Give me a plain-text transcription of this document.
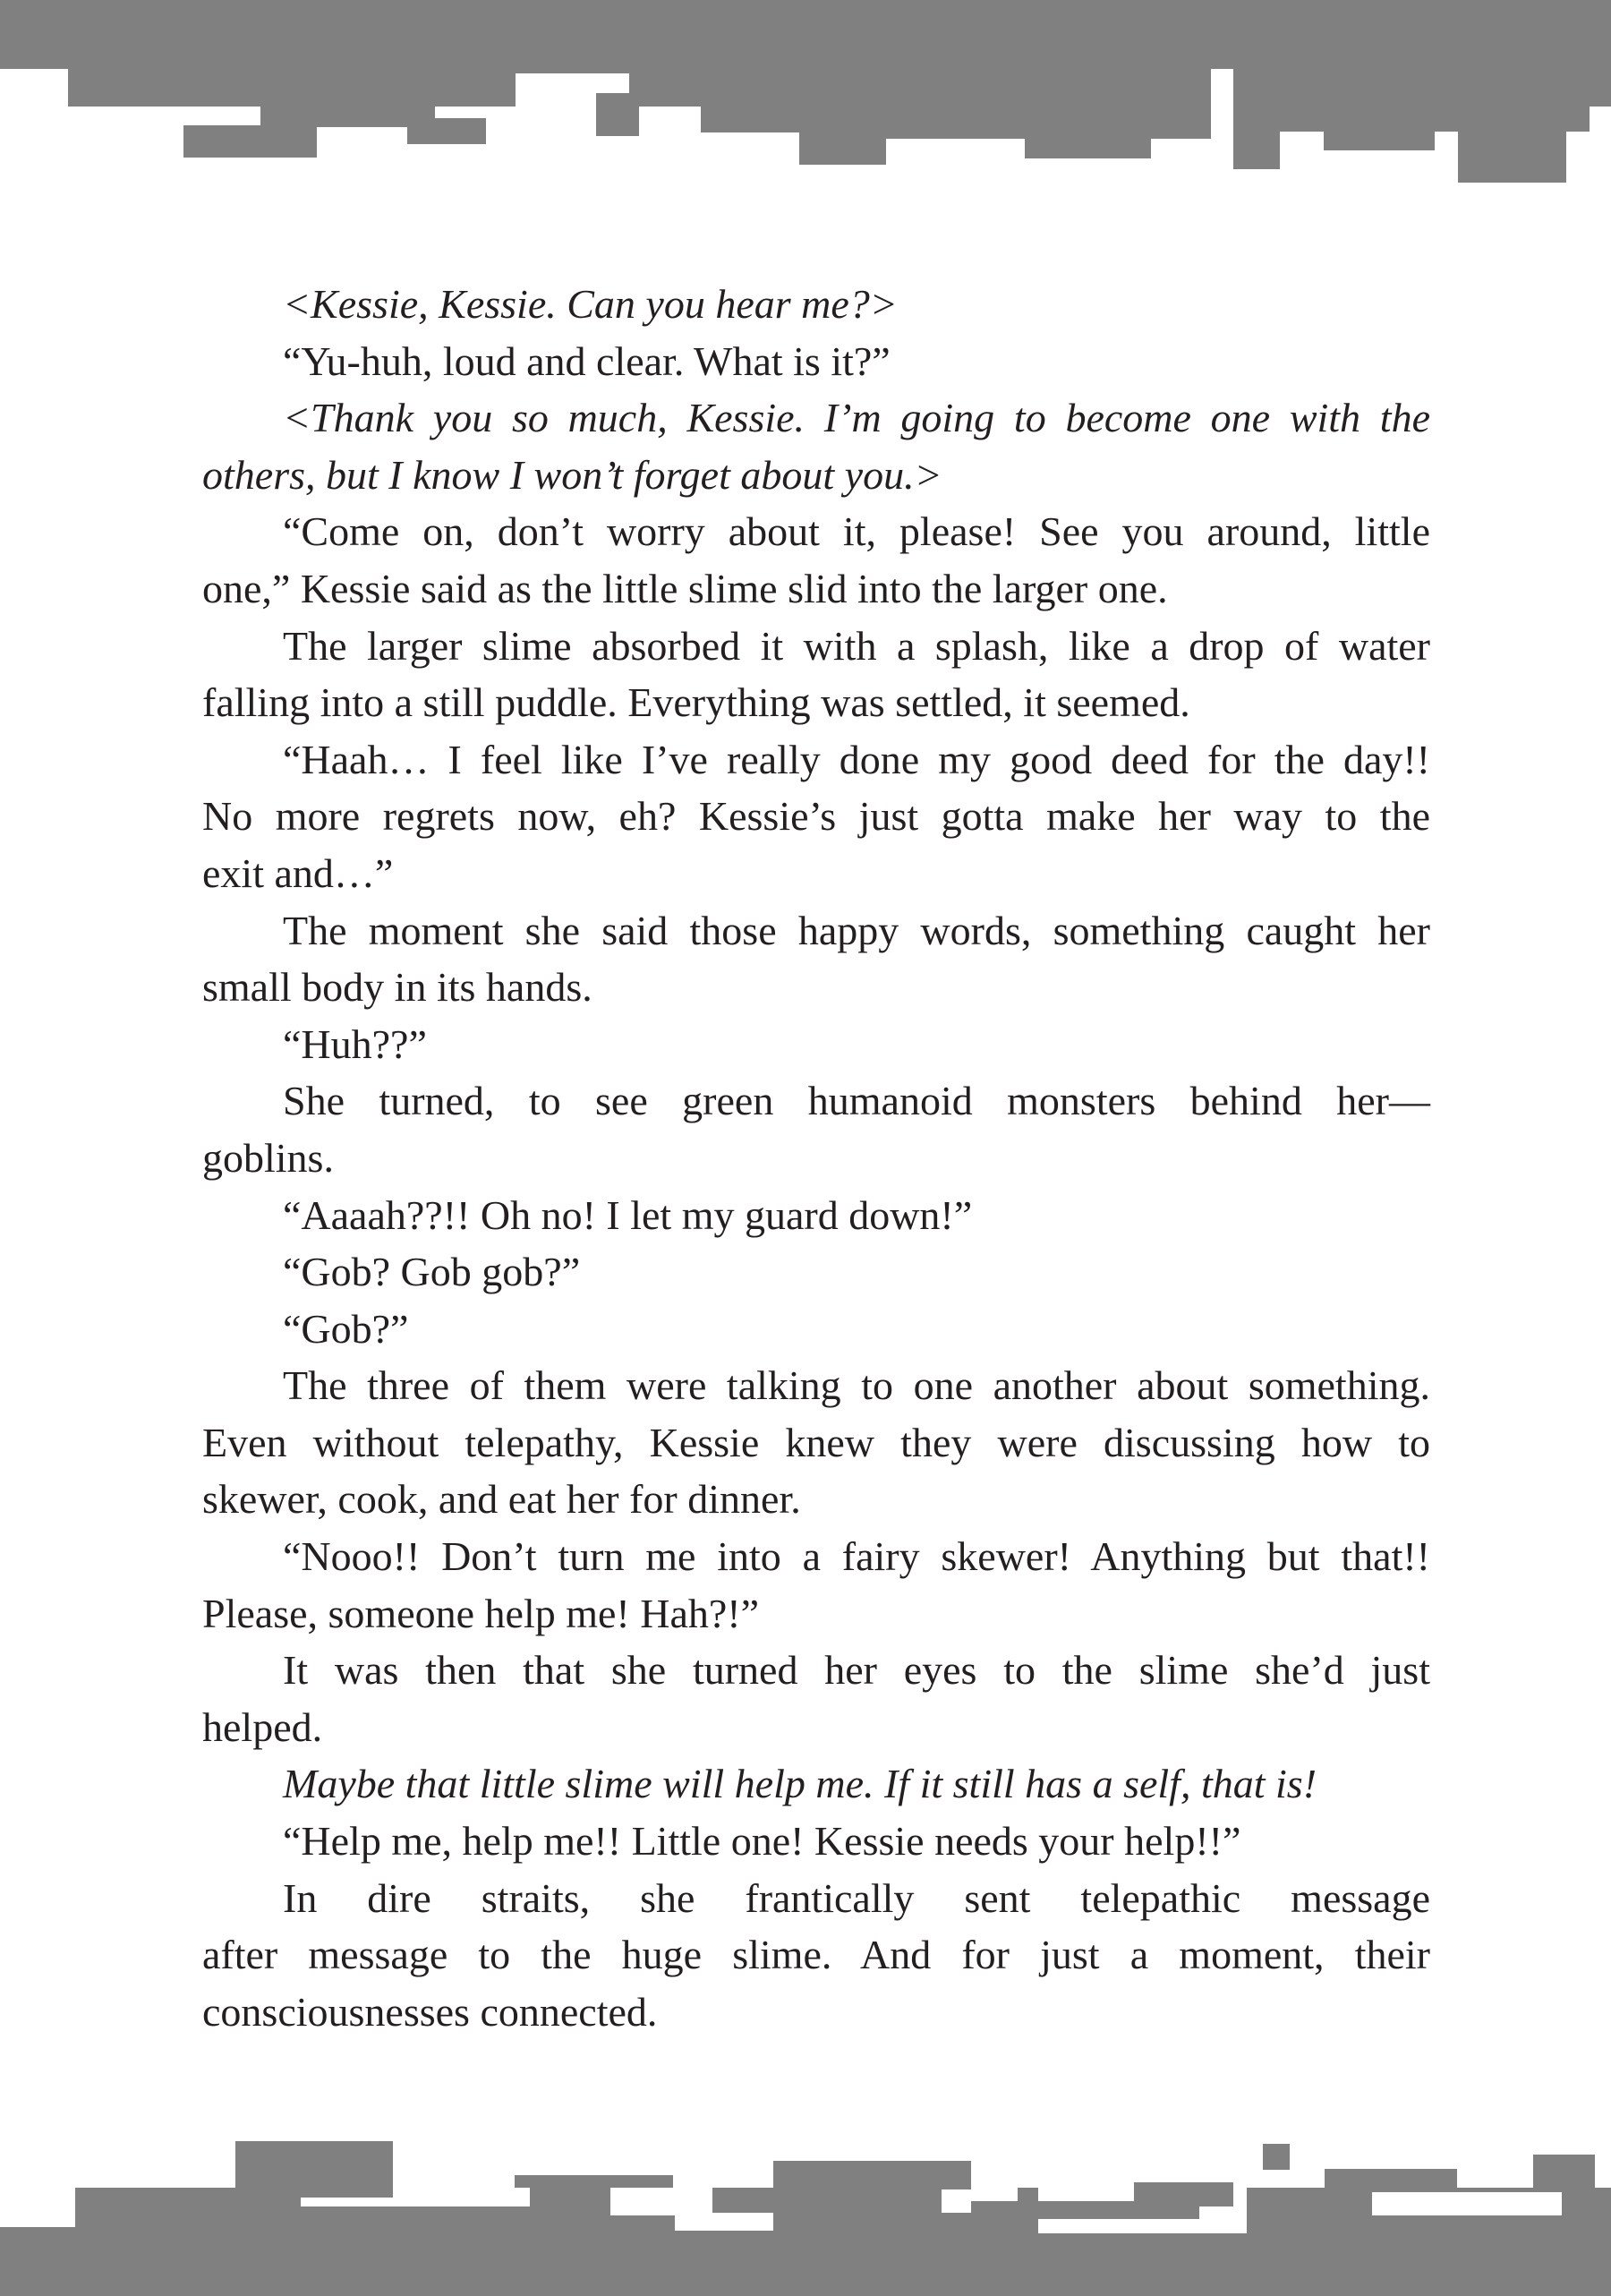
<Kessie, Kessie. Can you hear me?>
“Yu-huh, loud and clear. What is it?”
<Thank you so much, Kessie. I’m going to become one with the
others, but I know I won’t forget about you.>
“Come on, don’t worry about it, please! See you around, little
one,” Kessie said as the little slime slid into the larger one.
The larger slime absorbed it with a splash, like a drop of water
falling into a still puddle. Everything was settled, it seemed.
“Haah… I feel like I’ve really done my good deed for the day!!
No more regrets now, eh? Kessie’s just gotta make her way to the
exit and…”
The moment she said those happy words, something caught her
small body in its hands.
“Huh??”
She turned, to see green humanoid monsters behind her—
goblins.
“Aaaah??!! Oh no! I let my guard down!”
“Gob? Gob gob?”
“Gob?”
The three of them were talking to one another about something.
Even without telepathy, Kessie knew they were discussing how to
skewer, cook, and eat her for dinner.
“Nooo!! Don’t turn me into a fairy skewer! Anything but that!!
Please, someone help me! Hah?!”
It was then that she turned her eyes to the slime she’d just
helped.
Maybe that little slime will help me. If it still has a self, that is!
“Help me, help me!! Little one! Kessie needs your help!!”
In dire straits, she frantically sent telepathic message
after message to the huge slime. And for just a moment, their
consciousnesses connected.
